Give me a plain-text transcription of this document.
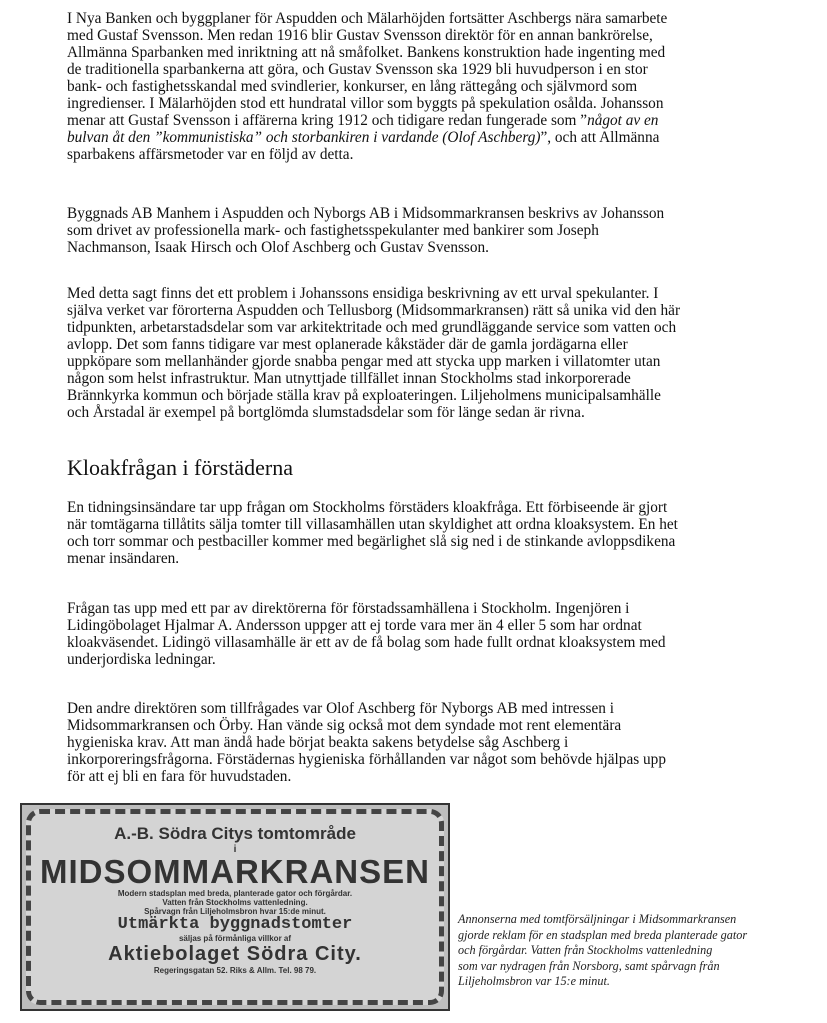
I Nya Banken och byggplaner för Aspudden och Mälarhöjden fortsätter Aschbergs nära samarbete
med Gustaf Svensson. Men redan 1916 blir Gustav Svensson direktör för en annan bankrörelse,
Allmänna Sparbanken med inriktning att nå småfolket. Bankens konstruktion hade ingenting med
de traditionella sparbankerna att göra, och Gustav Svensson ska 1929 bli huvudperson i en stor
bank- och fastighetsskandal med svindlerier, konkurser, en lång rättegång och självmord som
ingredienser. I Mälarhöjden stod ett hundratal villor som byggts på spekulation osålda. Johansson
menar att Gustaf Svensson i affärerna kring 1912 och tidigare redan fungerade som ”något av en
bulvan åt den ”kommunistiska” och storbankiren i vardande (Olof Aschberg)”, och att Allmänna
sparbakens affärsmetoder var en följd av detta.
Byggnads AB Manhem i Aspudden och Nyborgs AB i Midsommarkransen beskrivs av Johansson
som drivet av professionella mark- och fastighetsspekulanter med bankirer som Joseph
Nachmanson, Isaak Hirsch och Olof Aschberg och Gustav Svensson.
Med detta sagt finns det ett problem i Johanssons ensidiga beskrivning av ett urval spekulanter. I
själva verket var förorterna Aspudden och Tellusborg (Midsommarkransen) rätt så unika vid den här
tidpunkten, arbetarstadsdelar som var arkitektritade och med grundläggande service som vatten och
avlopp. Det som fanns tidigare var mest oplanerade kåkstäder där de gamla jordägarna eller
uppköpare som mellanhänder gjorde snabba pengar med att stycka upp marken i villatomter utan
någon som helst infrastruktur. Man utnyttjade tillfället innan Stockholms stad inkorporerade
Brännkyrka kommun och började ställa krav på exploateringen. Liljeholmens municipalsamhälle
och Årstadal är exempel på bortglömda slumstadsdelar som för länge sedan är rivna.
Kloakfrågan i förstäderna
En tidningsinsändare tar upp frågan om Stockholms förstäders kloakfråga. Ett förbiseende är gjort
när tomtägarna tillåtits sälja tomter till villasamhällen utan skyldighet att ordna kloaksystem. En het
och torr sommar och pestbaciller kommer med begärlighet slå sig ned i de stinkande avloppsdikena
menar insändaren.
Frågan tas upp med ett par av direktörerna för förstadssamhällena i Stockholm. Ingenjören i
Lidingöbolaget Hjalmar A. Andersson uppger att ej torde vara mer än 4 eller 5 som har ordnat
kloakväsendet. Lidingö villasamhälle är ett av de få bolag som hade fullt ordnat kloaksystem med
underjordiska ledningar.
Den andre direktören som tillfrågades var Olof Aschberg för Nyborgs AB med intressen i
Midsommarkransen och Örby. Han vände sig också mot dem syndade mot rent elementära
hygieniska krav. Att man ändå hade börjat beakta sakens betydelse såg Aschberg i
inkorporeringsfrågorna. Förstädernas hygieniska förhållanden var något som behövde hjälpas upp
för att ej bli en fara för huvudstaden.
A.-B. Södra Citys tomtområde
i
MIDSOMMARKRANSEN
Modern stadsplan med breda, planterade gator och förgårdar.
Vatten från Stockholms vattenledning.
Spårvagn från Liljeholmsbron hvar 15:de minut.
Utmärkta byggnadstomter
säljas på förmånliga villkor af
Aktiebolaget Södra City.
Regeringsgatan 52. Riks & Allm. Tel. 98 79.
Annonserna med tomtförsäljningar i Midsommarkransen
gjorde reklam för en stadsplan med breda planterade gator
och förgårdar. Vatten från Stockholms vattenledning
som var nydragen från Norsborg, samt spårvagn från
Liljeholmsbron var 15:e minut.
